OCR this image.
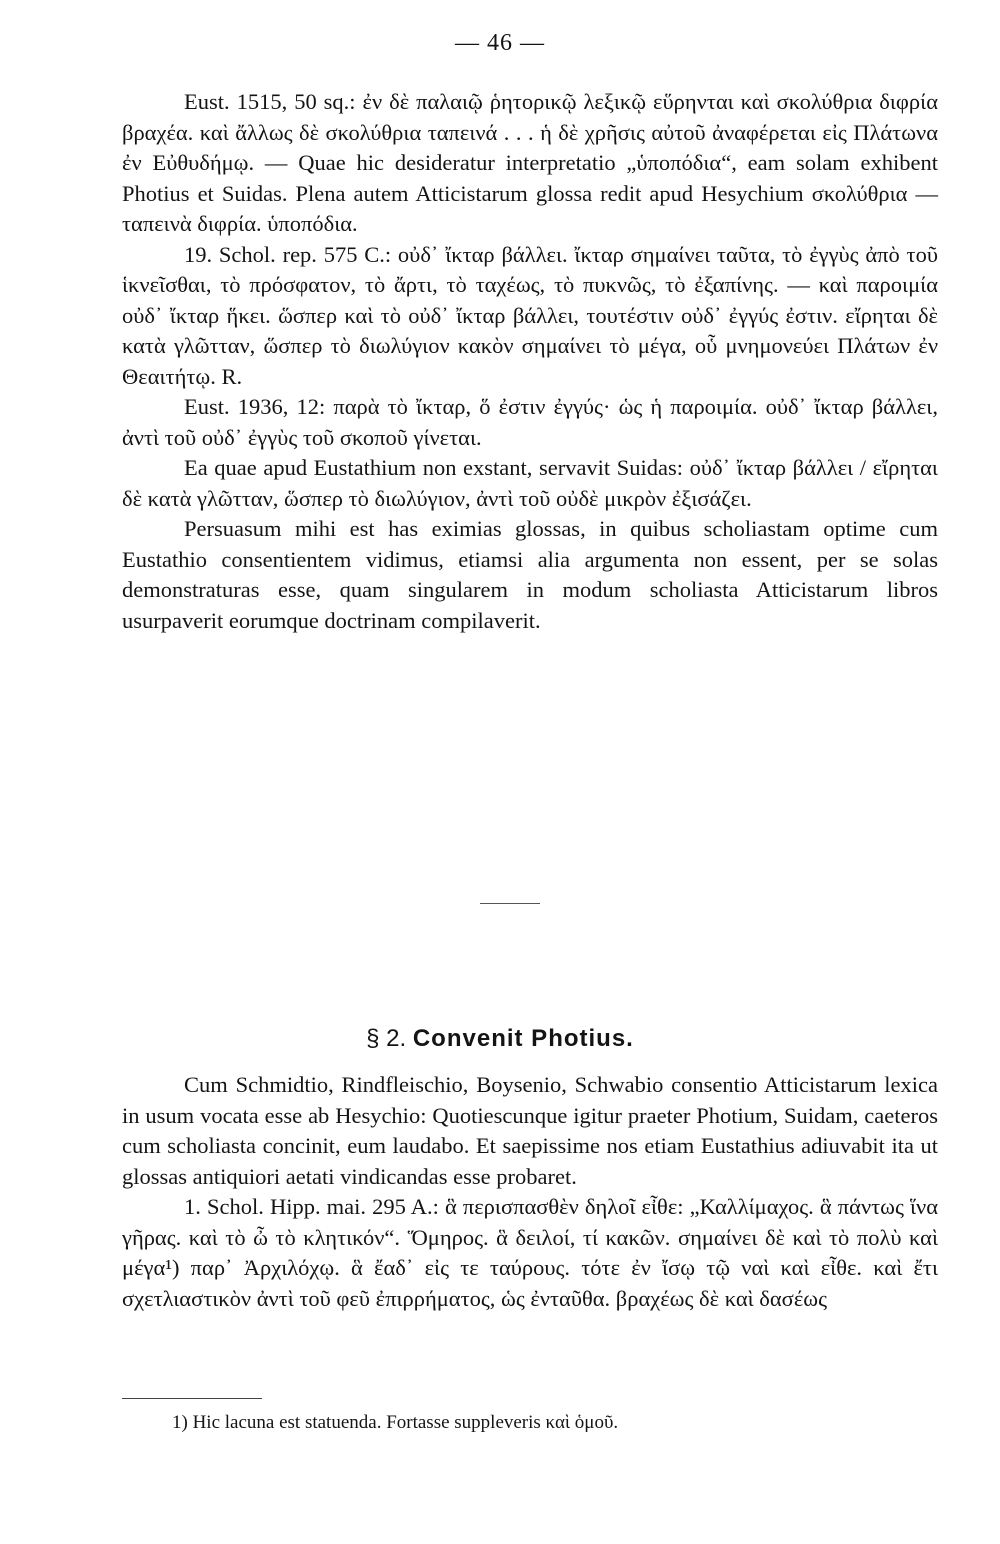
— 46 —

Eust. 1515, 50 sq.: ἐν δὲ παλαιῷ ῥητορικῷ λεξικῷ εὕρηνται καὶ σκολύθρια διφρία βραχέα. καὶ ἄλλως δὲ σκολύθρια ταπεινά . . . ἡ δὲ χρῆσις αὐτοῦ ἀναφέρεται εἰς Πλάτωνα ἐν Εὐθυδήμῳ. — Quae hic desideratur interpretatio „ὑποπόδια“, eam solam exhibent Photius et Suidas. Plena autem Atticistarum glossa redit apud Hesychium σκολύθρια — ταπεινὰ διφρία. ὑποπόδια.

19. Schol. rep. 575 C.: οὐδ᾽ ἴκταρ βάλλει. ἴκταρ σημαίνει ταῦτα, τὸ ἐγγὺς ἀπὸ τοῦ ἱκνεῖσθαι, τὸ πρόσφατον, τὸ ἄρτι, τὸ ταχέως, τὸ πυκνῶς, τὸ ἐξαπίνης. — καὶ παροιμία οὐδ᾽ ἴκταρ ἥκει. ὥσπερ καὶ τὸ οὐδ᾽ ἴκταρ βάλλει, τουτέστιν οὐδ᾽ ἐγγύς ἐστιν. εἴρηται δὲ κατὰ γλῶτταν, ὥσπερ τὸ διωλύγιον κακὸν σημαίνει τὸ μέγα, οὗ μνημονεύει Πλάτων ἐν Θεαιτήτῳ. R.

Eust. 1936, 12: παρὰ τὸ ἴκταρ, ὅ ἐστιν ἐγγύς· ὡς ἡ παροιμία. οὐδ᾽ ἴκταρ βάλλει, ἀντὶ τοῦ οὐδ᾽ ἐγγὺς τοῦ σκοποῦ γίνεται.

Ea quae apud Eustathium non exstant, servavit Suidas: οὐδ᾽ ἴκταρ βάλλει / εἴρηται δὲ κατὰ γλῶτταν, ὥσπερ τὸ διωλύγιον, ἀντὶ τοῦ οὐδὲ μικρὸν ἐξισάζει.

Persuasum mihi est has eximias glossas, in quibus scholiastam optime cum Eustathio consentientem vidimus, etiamsi alia argumenta non essent, per se solas demonstraturas esse, quam singularem in modum scholiasta Atticistarum libros usurpaverit eorumque doctrinam compilaverit.

§ 2. Convenit Photius.

Cum Schmidtio, Rindfleischio, Boysenio, Schwabio consentio Atticistarum lexica in usum vocata esse ab Hesychio: Quotiescunque igitur praeter Photium, Suidam, caeteros cum scholiasta concinit, eum laudabo. Et saepissime nos etiam Eustathius adiuvabit ita ut glossas antiquiori aetati vindicandas esse probaret.

1. Schol. Hipp. mai. 295 A.: ἃ περισπασθὲν δηλοῖ εἶθε: „Καλλίμαχος. ἃ πάντως ἵνα γῆρας. καὶ τὸ ὦ τὸ κλητικόν“. Ὅμηρος. ἃ δειλοί, τί κακῶν. σημαίνει δὲ καὶ τὸ πολὺ καὶ μέγα¹) παρ᾽ Ἀρχιλόχῳ. ἃ ἔαδ᾽ εἰς τε ταύρους. τότε ἐν ἴσῳ τῷ ναὶ καὶ εἶθε. καὶ ἔτι σχετλιαστικὸν ἀντὶ τοῦ φεῦ ἐπιρρήματος, ὡς ἐνταῦθα. βραχέως δὲ καὶ δασέως

1) Hic lacuna est statuenda. Fortasse suppleveris καὶ ὁμοῦ.
